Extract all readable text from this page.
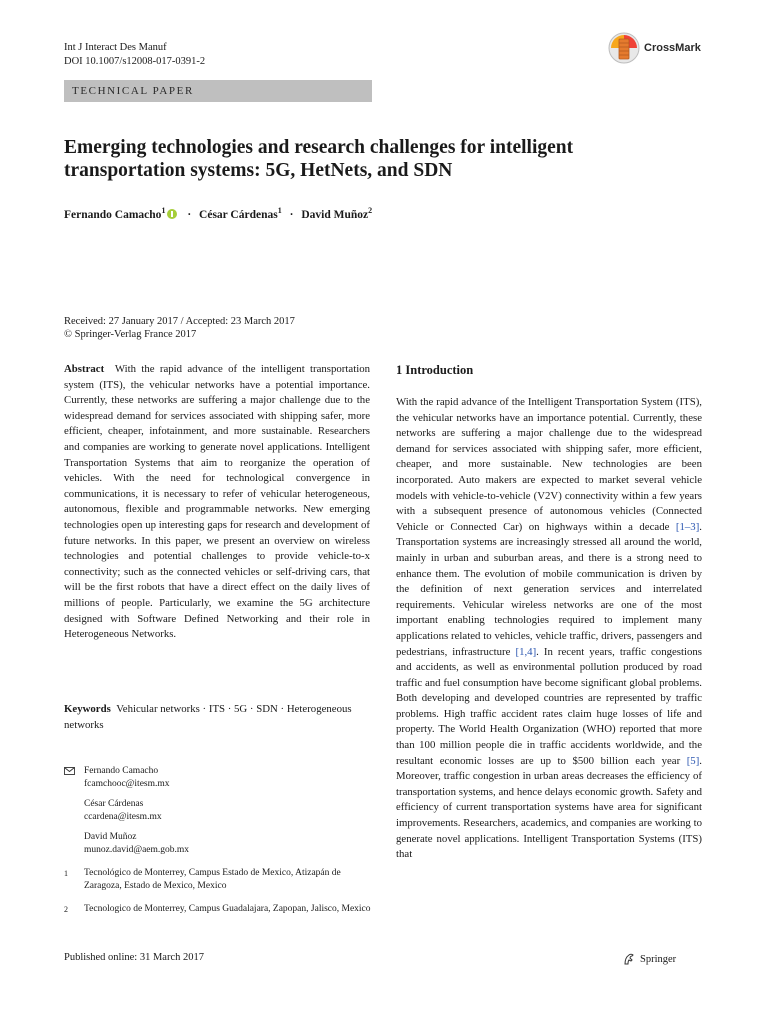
Int J Interact Des Manuf
DOI 10.1007/s12008-017-0391-2
CrossMark
TECHNICAL PAPER
Emerging technologies and research challenges for intelligent transportation systems: 5G, HetNets, and SDN
Fernando Camacho$^1$ · César Cárdenas$^1$ · David Muñoz$^2$
Received: 27 January 2017 / Accepted: 23 March 2017
© Springer-Verlag France 2017

Abstract With the rapid advance of the intelligent transportation system (ITS), the vehicular networks have a potential importance. Currently, these networks are suffering a major challenge due to the widespread demand for services associated with shipping safer, more efficient, cheaper, infotainment, and more sustainable. Researchers and companies are working to generate novel applications. Intelligent Transportation Systems that aim to reorganize the operation of vehicles. With the need for technological convergence in communications, it is necessary to refer of vehicular heterogeneous, autonomous, flexible and programmable networks. New emerging technologies open up interesting gaps for research and development of future networks. In this paper, we present an overview on wireless technologies and potential challenges to provide vehicle-to-x connectivity; such as the connected vehicles or self-driving cars, that will be the first robots that have a direct effect on the daily lives of millions of people. Particularly, we examine the 5G architecture designed with Software Defined Networking and their role in Heterogeneous Networks.

Keywords Vehicular networks · ITS · 5G · SDN · Heterogeneous networks
Fernando Camacho
fcamchooc@itesm.mx
César Cárdenas
ccardena@itesm.mx
David Muñoz
munoz.david@aem.gob.mx
1 Tecnológico de Monterrey, Campus Estado de Mexico, Atizapán de Zaragoza, Estado de Mexico, Mexico
2 Tecnologico de Monterrey, Campus Guadalajara, Zapopan, Jalisco, Mexico
1 Introduction

With the rapid advance of the Intelligent Transportation System (ITS), the vehicular networks have an importance potential. Currently, these networks are suffering a major challenge due to the widespread demand for services associated with shipping safer, more efficient, cheaper, and more sustainable. New technologies are been incorporated. Auto makers are expected to market several vehicle models with vehicle-to-vehicle (V2V) connectivity within a few years with a subsequent presence of autonomous vehicles (Connected Vehicle or Connected Car) on highways within a decade [1–3]. Transportation systems are increasingly stressed all around the world, mainly in urban and suburban areas, and there is a strong need to enhance them. The evolution of mobile communication is driven by the definition of next generation services and interrelated requirements. Vehicular wireless networks are one of the most important enabling technologies required to implement many applications related to vehicles, vehicle traffic, drivers, passengers and pedestrians, infrastructure [1,4]. In recent years, traffic congestions and accidents, as well as environmental pollution produced by road traffic and fuel consumption have become significant global problems. Both developing and developed countries are represented by traffic problems. High traffic accident rates claim huge losses of life and property. The World Health Organization (WHO) reported that more than 100 million people die in traffic accidents worldwide, and the resultant economic losses are up to $500 billion each year [5]. Moreover, traffic congestion in urban areas decreases the efficiency of transportation systems, and hence delays economic growth. Safety and efficiency of current transportation systems have area for significant improvements. Researchers, academics, and companies are working to generate novel applications. Intelligent Transportation Systems (ITS) that

Published online: 31 March 2017	Springer
